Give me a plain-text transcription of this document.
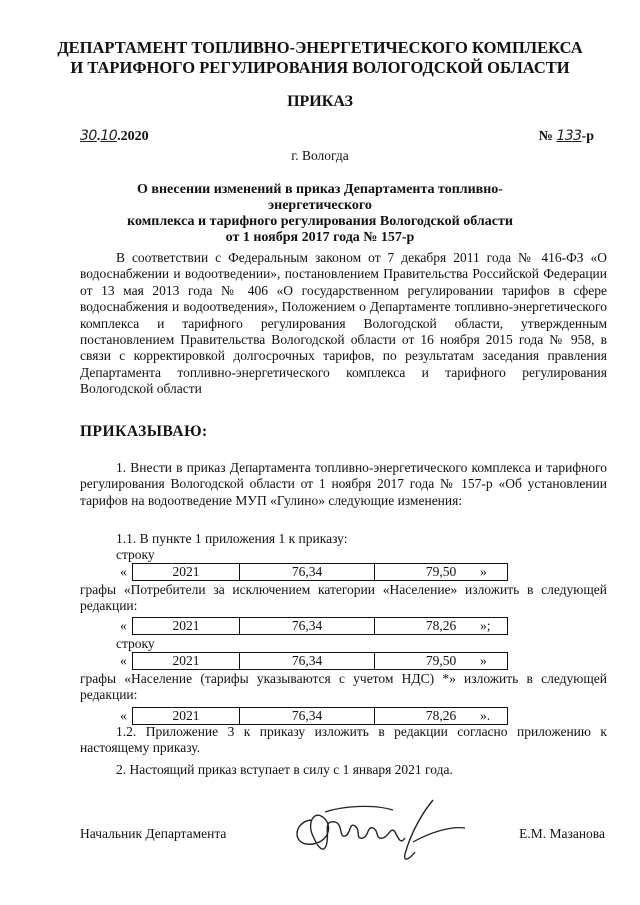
ДЕПАРТАМЕНТ ТОПЛИВНО-ЭНЕРГЕТИЧЕСКОГО КОМПЛЕКСА
И ТАРИФНОГО РЕГУЛИРОВАНИЯ ВОЛОГОДСКОЙ ОБЛАСТИ
ПРИКАЗ
30.10.2020	№ 133-р
г. Вологда
О внесении изменений в приказ Департамента топливно-энергетического
комплекса и тарифного регулирования Вологодской области
от 1 ноября 2017 года № 157-р
В соответствии с Федеральным законом от 7 декабря 2011 года № 416-ФЗ «О водоснабжении и водоотведении», постановлением Правительства Российской Федерации от 13 мая 2013 года № 406 «О государственном регулировании тарифов в сфере водоснабжения и водоотведения», Положением о Департаменте топливно-энергетического комплекса и тарифного регулирования Вологодской области, утвержденным постановлением Правительства Вологодской области от 16 ноября 2015 года № 958, в связи с корректировкой долгосрочных тарифов, по результатам заседания правления Департамента топливно-энергетического комплекса и тарифного регулирования Вологодской области
ПРИКАЗЫВАЮ:
1. Внести в приказ Департамента топливно-энергетического комплекса и тарифного регулирования Вологодской области от 1 ноября 2017 года № 157-р «Об установлении тарифов на водоотведение МУП «Гулино» следующие изменения:
1.1. В пункте 1 приложения 1 к приказу:
строку
«	2021	76,34	79,50 »
графы «Потребители за исключением категории «Население» изложить в следующей редакции:
«	2021	76,34	78,26 »;
строку
«	2021	76,34	79,50 »
графы «Население (тарифы указываются с учетом НДС) *» изложить в следующей редакции:
«	2021	76,34	78,26 ».
1.2. Приложение 3 к приказу изложить в редакции согласно приложению к настоящему приказу.
2. Настоящий приказ вступает в силу с 1 января 2021 года.
Начальник Департамента	Е.М. Мазанова
